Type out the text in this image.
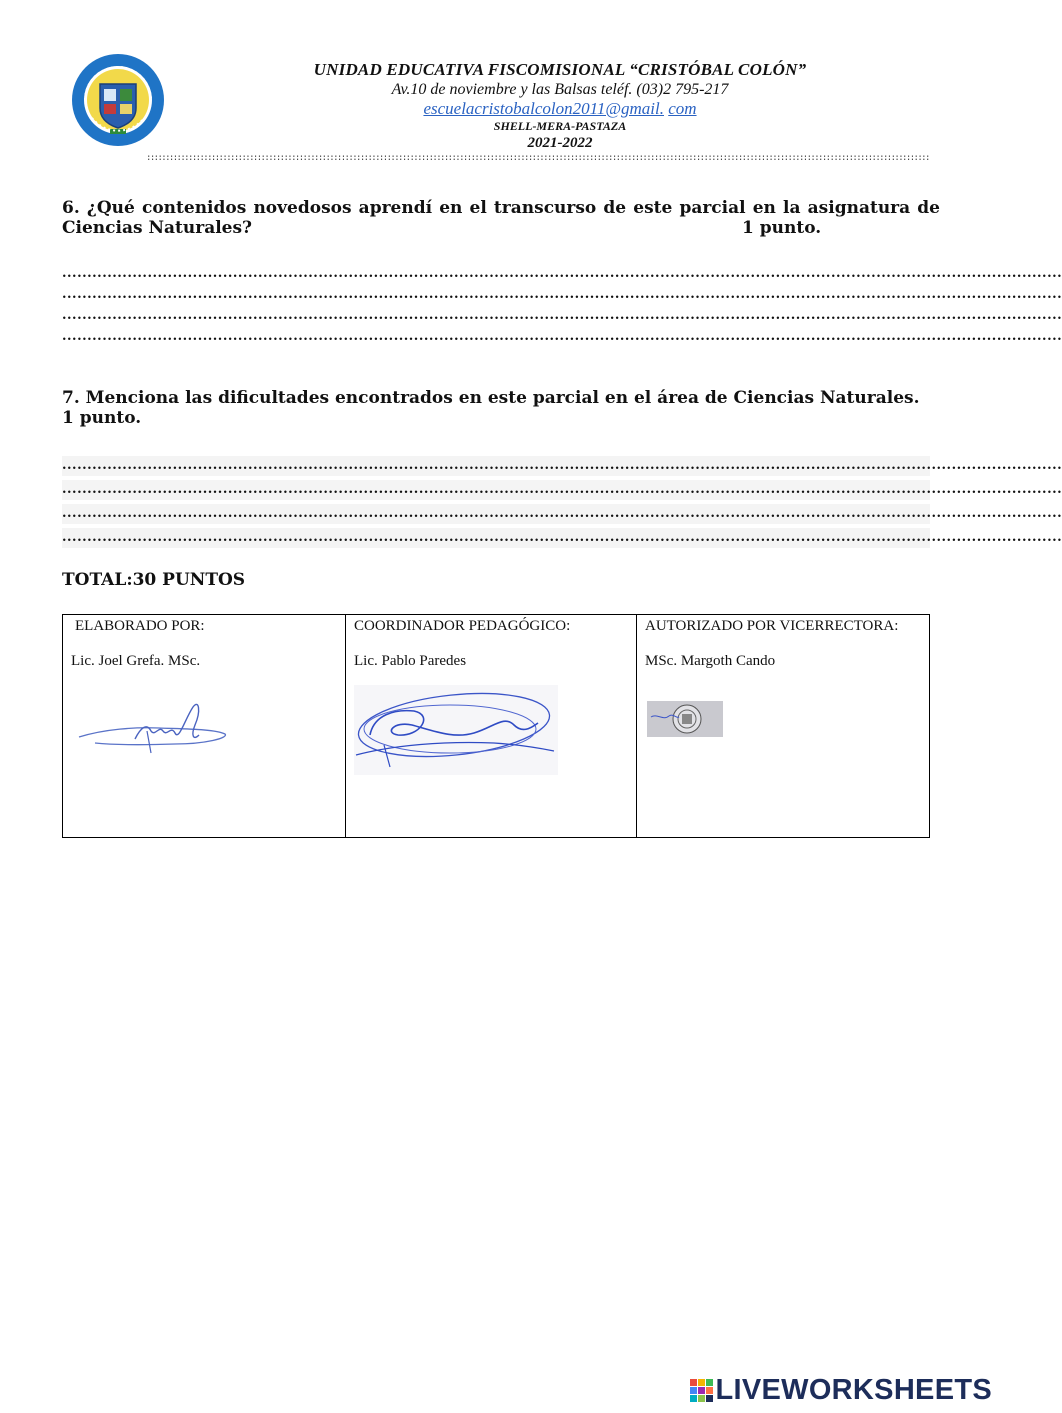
UNIDAD EDUCATIVA FISCOMISIONAL “CRISTÓBAL COLÓN”
Av.10 de noviembre y las Balsas teléf. (03)2 795-217
escuelacristobalcolon2011@gmail. com
SHELL-MERA-PASTAZA
2021-2022
:::::::::::::::::::::::::::::::::::::::::::::::::::::::::::::::::::::::::::::::::::::::::::::::::::::::::::::::::::::::::::::::::::::::::::::::::::::::::::::::::::::::::::::::::::::::::::::::::::::::::::::
6. ¿Qué contenidos novedosos aprendí en el transcurso de este parcial en la asignatura de Ciencias Naturales?	1 punto.
.......................................................................................................................................................................................................
.......................................................................................................................................................................................................
.......................................................................................................................................................................................................
.......................................................................................................................................................................................................
7. Menciona las dificultades encontrados en este parcial en el área de Ciencias Naturales.
1 punto.
.......................................................................................................................................................................................................
.......................................................................................................................................................................................................
.......................................................................................................................................................................................................
.......................................................................................................................................................................................................
TOTAL:30 PUNTOS
ELABORADO POR:
Lic. Joel Grefa. MSc.

COORDINADOR PEDAGÓGICO:
Lic. Pablo Paredes

AUTORIZADO POR VICERRECTORA:
MSc. Margoth Cando
LIVEWORKSHEETS
